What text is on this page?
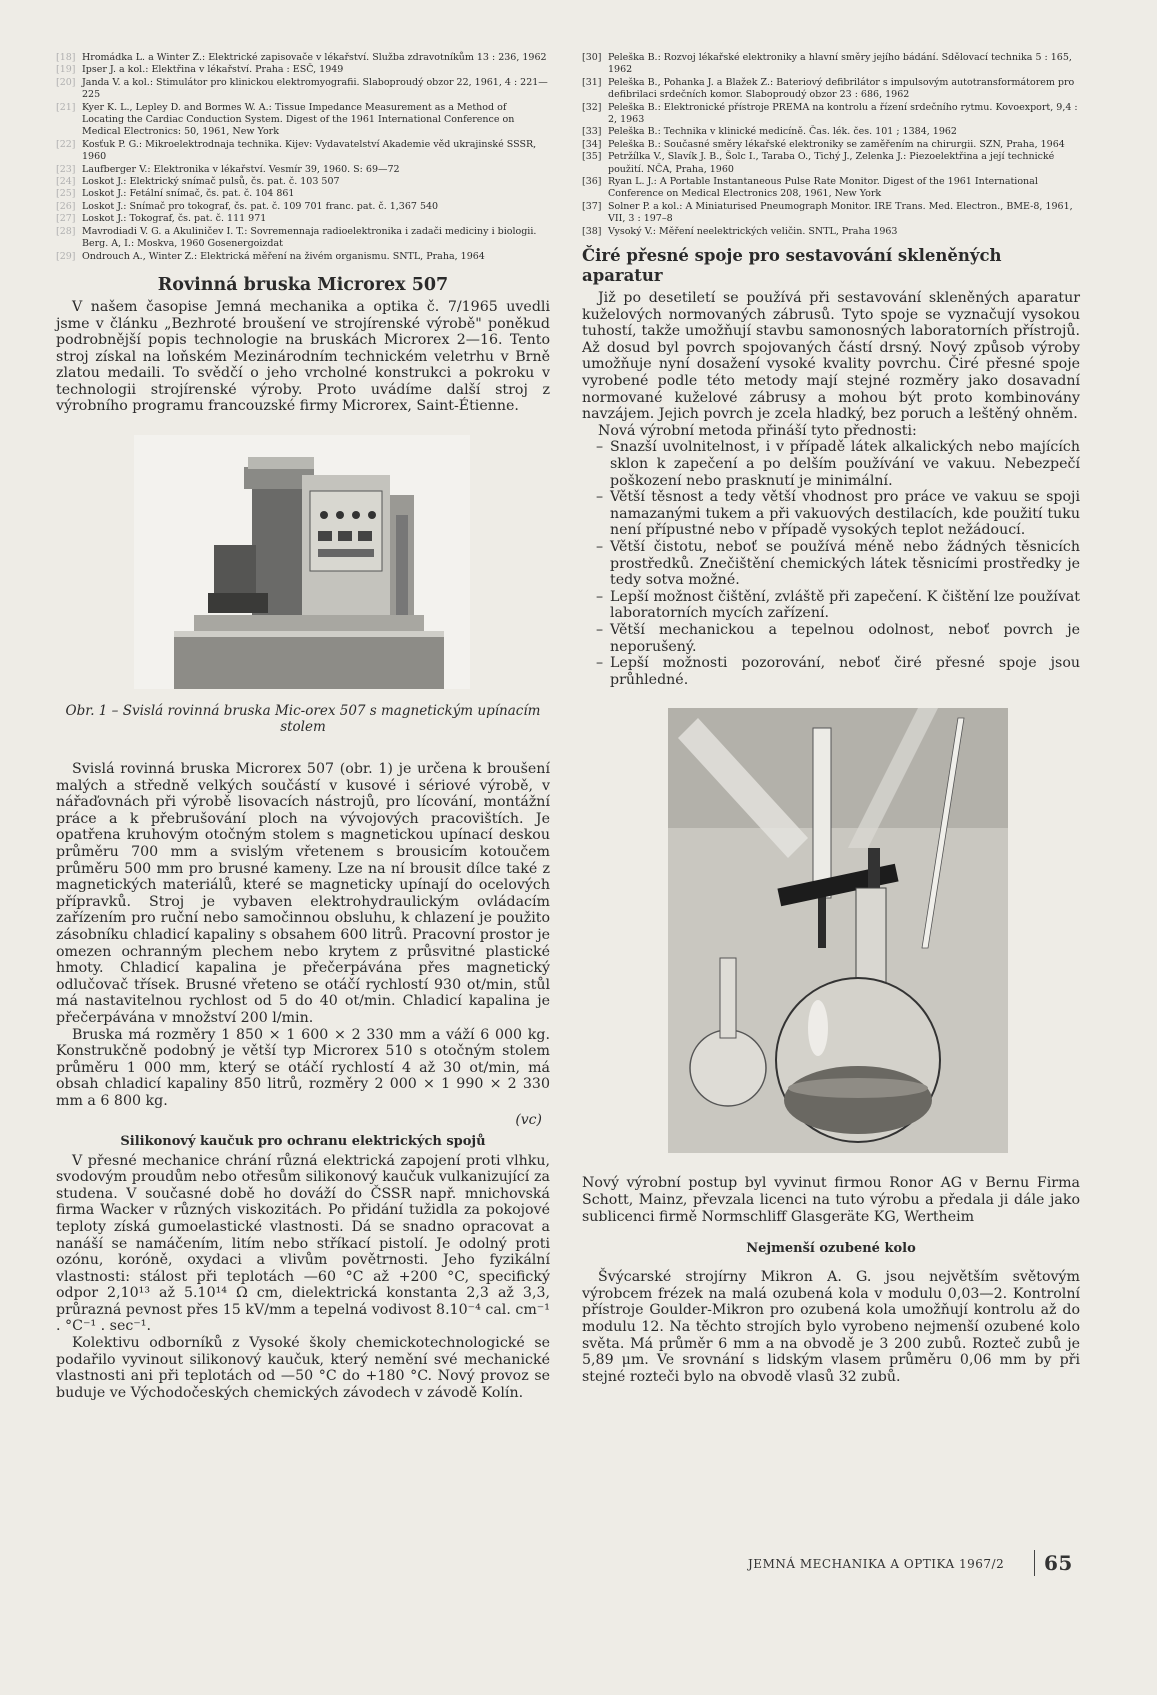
[18] Hromádka L. a Winter Z.: Elektrické zapisovače v lékařství. Služba zdravotníkům 13 : 236, 1962

[19] Ipser J. a kol.: Elektřina v lékařství. Praha : ESČ, 1949

[20] Janda V. a kol.: Stimulátor pro klinickou elektromyografii. Slaboproudý obzor 22, 1961, 4 : 221—225

[21] Kyer K. L., Lepley D. and Bormes W. A.: Tissue Impedance Measurement as a Method of Locating the Cardiac Conduction System. Digest of the 1961 International Conference on Medical Electronics: 50, 1961, New York

[22] Kosťuk P. G.: Mikroelektrodnaja technika. Kijev: Vydavatelství Akademie věd ukrajinské SSSR, 1960

[23] Laufberger V.: Elektronika v lékařství. Vesmír 39, 1960. S: 69—72

[24] Loskot J.: Elektrický snímač pulsů, čs. pat. č. 103 507

[25] Loskot J.: Fetální snímač, čs. pat. č. 104 861

[26] Loskot J.: Snímač pro tokograf, čs. pat. č. 109 701 franc. pat. č. 1,367 540

[27] Loskot J.: Tokograf, čs. pat. č. 111 971

[28] Mavrodiadi V. G. a Akuliničev I. T.: Sovremennaja radioelektronika i zadači mediciny i biologii. Berg. A, I.: Moskva, 1960 Gosenergoizdat

[29] Ondrouch A., Winter Z.: Elektrická měření na živém organismu. SNTL, Praha, 1964

Rovinná bruska Microrex 507

V našem časopise Jemná mechanika a optika č. 7/1965 uvedli jsme v článku „Bezhroté broušení ve strojírenské výrobě" poněkud podrobnější popis technologie na bruskách Microrex 2—16. Tento stroj získal na loňském Mezinárodním technickém veletrhu v Brně zlatou medaili. To svědčí o jeho vrcholné konstrukci a pokroku v technologii strojírenské výroby. Proto uvádíme další stroj z výrobního programu francouzské firmy Microrex, Saint-Étienne.

Obr. 1 – Svislá rovinná bruska Mic-orex 507 s magnetickým upínacím stolem

Svislá rovinná bruska Microrex 507 (obr. 1) je určena k broušení malých a středně velkých součástí v kusové i sériové výrobě, v nářaďovnách při výrobě lisovacích nástrojů, pro lícování, montážní práce a k přebrušování ploch na vývojových pracovištích. Je opatřena kruhovým otočným stolem s magnetickou upínací deskou průměru 700 mm a svislým vřetenem s brousicím kotoučem průměru 500 mm pro brusné kameny. Lze na ní brousit dílce také z magnetických materiálů, které se magneticky upínají do ocelových přípravků. Stroj je vybaven elektrohydraulickým ovládacím zařízením pro ruční nebo samočinnou obsluhu, k chlazení je použito zásobníku chladicí kapaliny s obsahem 600 litrů. Pracovní prostor je omezen ochranným plechem nebo krytem z průsvitné plastické hmoty. Chladicí kapalina je přečerpávána přes magnetický odlučovač třísek. Brusné vřeteno se otáčí rychlostí 930 ot/min, stůl má nastavitelnou rychlost od 5 do 40 ot/min. Chladicí kapalina je přečerpávána v množství 200 l/min.

Bruska má rozměry 1 850 × 1 600 × 2 330 mm a váží 6 000 kg. Konstrukčně podobný je větší typ Microrex 510 s otočným stolem průměru 1 000 mm, který se otáčí rychlostí 4 až 30 ot/min, má obsah chladicí kapaliny 850 litrů, rozměry 2 000 × 1 990 × 2 330 mm a 6 800 kg.

(vc)
Silikonový kaučuk pro ochranu elektrických spojů

V přesné mechanice chrání různá elektrická zapojení proti vlhku, svodovým proudům nebo otřesům silikonový kaučuk vulkanizující za studena. V současné době ho dováží do ČSSR např. mnichovská firma Wacker v různých viskozitách. Po přidání tužidla za pokojové teploty získá gumoelastické vlastnosti. Dá se snadno opracovat a nanáší se namáčením, litím nebo stříkací pistolí. Je odolný proti ozónu, koróně, oxydaci a vlivům povětrnosti. Jeho fyzikální vlastnosti: stálost při teplotách —60 °C až +200 °C, specifický odpor 2,10¹³ až 5.10¹⁴ Ω cm, dielektrická konstanta 2,3 až 3,3, průrazná pevnost přes 15 kV/mm a tepelná vodivost 8.10⁻⁴ cal. cm⁻¹ . °C⁻¹ . sec⁻¹.

Kolektivu odborníků z Vysoké školy chemickotechnologické se podařilo vyvinout silikonový kaučuk, který nemění své mechanické vlastnosti ani při teplotách od —50 °C do +180 °C. Nový provoz se buduje ve Východočeských chemických závodech v závodě Kolín.

[30] Peleška B.: Rozvoj lékařské elektroniky a hlavní směry jejího bádání. Sdělovací technika 5 : 165, 1962

[31] Peleška B., Pohanka J. a Blažek Z.: Bateriový defibrilátor s impulsovým autotransformátorem pro defibrilaci srdečních komor. Slaboproudý obzor 23 : 686, 1962

[32] Peleška B.: Elektronické přístroje PREMA na kontrolu a řízení srdečního rytmu. Kovoexport, 9,4 : 2, 1963

[33] Peleška B.: Technika v klinické medicíně. Čas. lék. čes. 101 ; 1384, 1962

[34] Peleška B.: Současné směry lékařské elektroniky se zaměřením na chirurgii. SZN, Praha, 1964

[35] Petržílka V., Slavík J. B., Šolc I., Taraba O., Tichý J., Zelenka J.: Piezoelektřina a její technické použití. NČA, Praha, 1960

[36] Ryan L. J.: A Portable Instantaneous Pulse Rate Monitor. Digest of the 1961 International Conference on Medical Electronics 208, 1961, New York

[37] Solner P. a kol.: A Miniaturised Pneumograph Monitor. IRE Trans. Med. Electron., BME-8, 1961, VII, 3 : 197–8

[38] Vysoký V.: Měření neelektrických veličin. SNTL, Praha 1963

Čiré přesné spoje pro sestavování skleněných aparatur

Již po desetiletí se používá při sestavování skleněných aparatur kuželových normovaných zábrusů. Tyto spoje se vyznačují vysokou tuhostí, takže umožňují stavbu samonosných laboratorních přístrojů. Až dosud byl povrch spojovaných částí drsný. Nový způsob výroby umožňuje nyní dosažení vysoké kvality povrchu. Čiré přesné spoje vyrobené podle této metody mají stejné rozměry jako dosavadní normované kuželové zábrusy a mohou být proto kombinovány navzájem. Jejich povrch je zcela hladký, bez poruch a leštěný ohněm.

Nová výrobní metoda přináší tyto přednosti:

– Snazší uvolnitelnost, i v případě látek alkalických nebo majících sklon k zapečení a po delším používání ve vakuu. Nebezpečí poškození nebo prasknutí je minimální.
– Větší těsnost a tedy větší vhodnost pro práce ve vakuu se spoji namazanými tukem a při vakuových destilacích, kde použití tuku není přípustné nebo v případě vysokých teplot nežádoucí.
– Větší čistotu, neboť se používá méně nebo žádných těsnicích prostředků. Znečištění chemických látek těsnicími prostředky je tedy sotva možné.
– Lepší možnost čištění, zvláště při zapečení. K čištění lze používat laboratorních mycích zařízení.
– Větší mechanickou a tepelnou odolnost, neboť povrch je neporušený.
– Lepší možnosti pozorování, neboť čiré přesné spoje jsou průhledné.

Nový výrobní postup byl vyvinut firmou Ronor AG v Bernu Firma Schott, Mainz, převzala licenci na tuto výrobu a předala ji dále jako sublicenci firmě Normschliff Glasgeräte KG, Wertheim

Nejmenší ozubené kolo

Švýcarské strojírny Mikron A. G. jsou největším světovým výrobcem frézek na malá ozubená kola v modulu 0,03—2. Kontrolní přístroje Goulder-Mikron pro ozubená kola umožňují kontrolu až do modulu 12. Na těchto strojích bylo vyrobeno nejmenší ozubené kolo světa. Má průměr 6 mm a na obvodě je 3 200 zubů. Rozteč zubů je 5,89 μm. Ve srovnání s lidským vlasem průměru 0,06 mm by při stejné rozteči bylo na obvodě vlasů 32 zubů.

JEMNÁ MECHANIKA A OPTIKA 1967/2 65
